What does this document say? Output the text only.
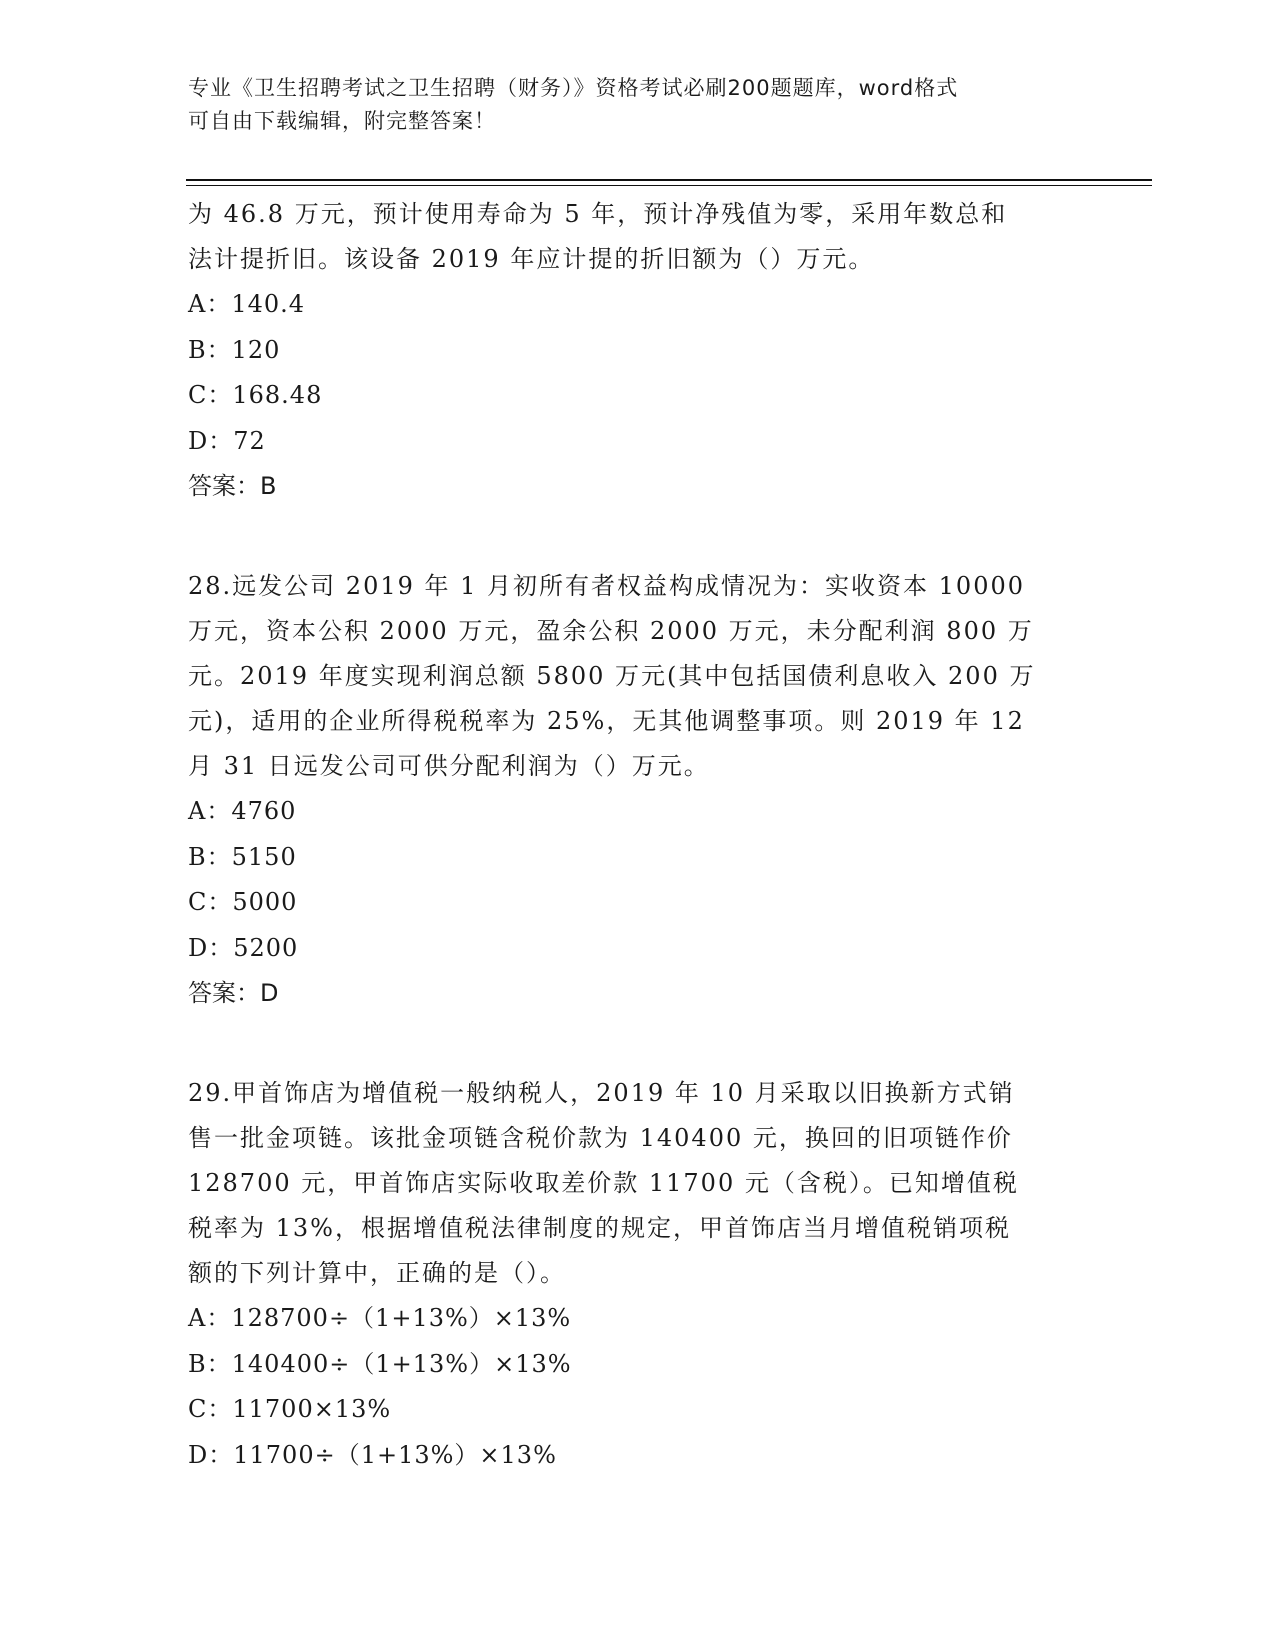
专业《卫生招聘考试之卫生招聘（财务）》资格考试必刷200题题库，word格式
可自由下载编辑，附完整答案！
为 46.8 万元，预计使用寿命为 5 年，预计净残值为零，采用年数总和
法计提折旧。该设备 2019 年应计提的折旧额为（）万元。
A：140.4
B：120
C：168.48
D：72
答案：B
28.远发公司 2019 年 1 月初所有者权益构成情况为：实收资本 10000
万元，资本公积 2000 万元，盈余公积 2000 万元，未分配利润 800 万
元。2019 年度实现利润总额 5800 万元(其中包括国债利息收入 200 万
元)，适用的企业所得税税率为 25%，无其他调整事项。则 2019 年 12
月 31 日远发公司可供分配利润为（）万元。
A：4760
B：5150
C：5000
D：5200
答案：D
29.甲首饰店为增值税一般纳税人，2019 年 10 月采取以旧换新方式销
售一批金项链。该批金项链含税价款为 140400 元，换回的旧项链作价
128700 元，甲首饰店实际收取差价款 11700 元（含税）。已知增值税
税率为 13%，根据增值税法律制度的规定，甲首饰店当月增值税销项税
额的下列计算中，正确的是（）。
A：128700÷（1+13%）×13%
B：140400÷（1+13%）×13%
C：11700×13%
D：11700÷（1+13%）×13%
